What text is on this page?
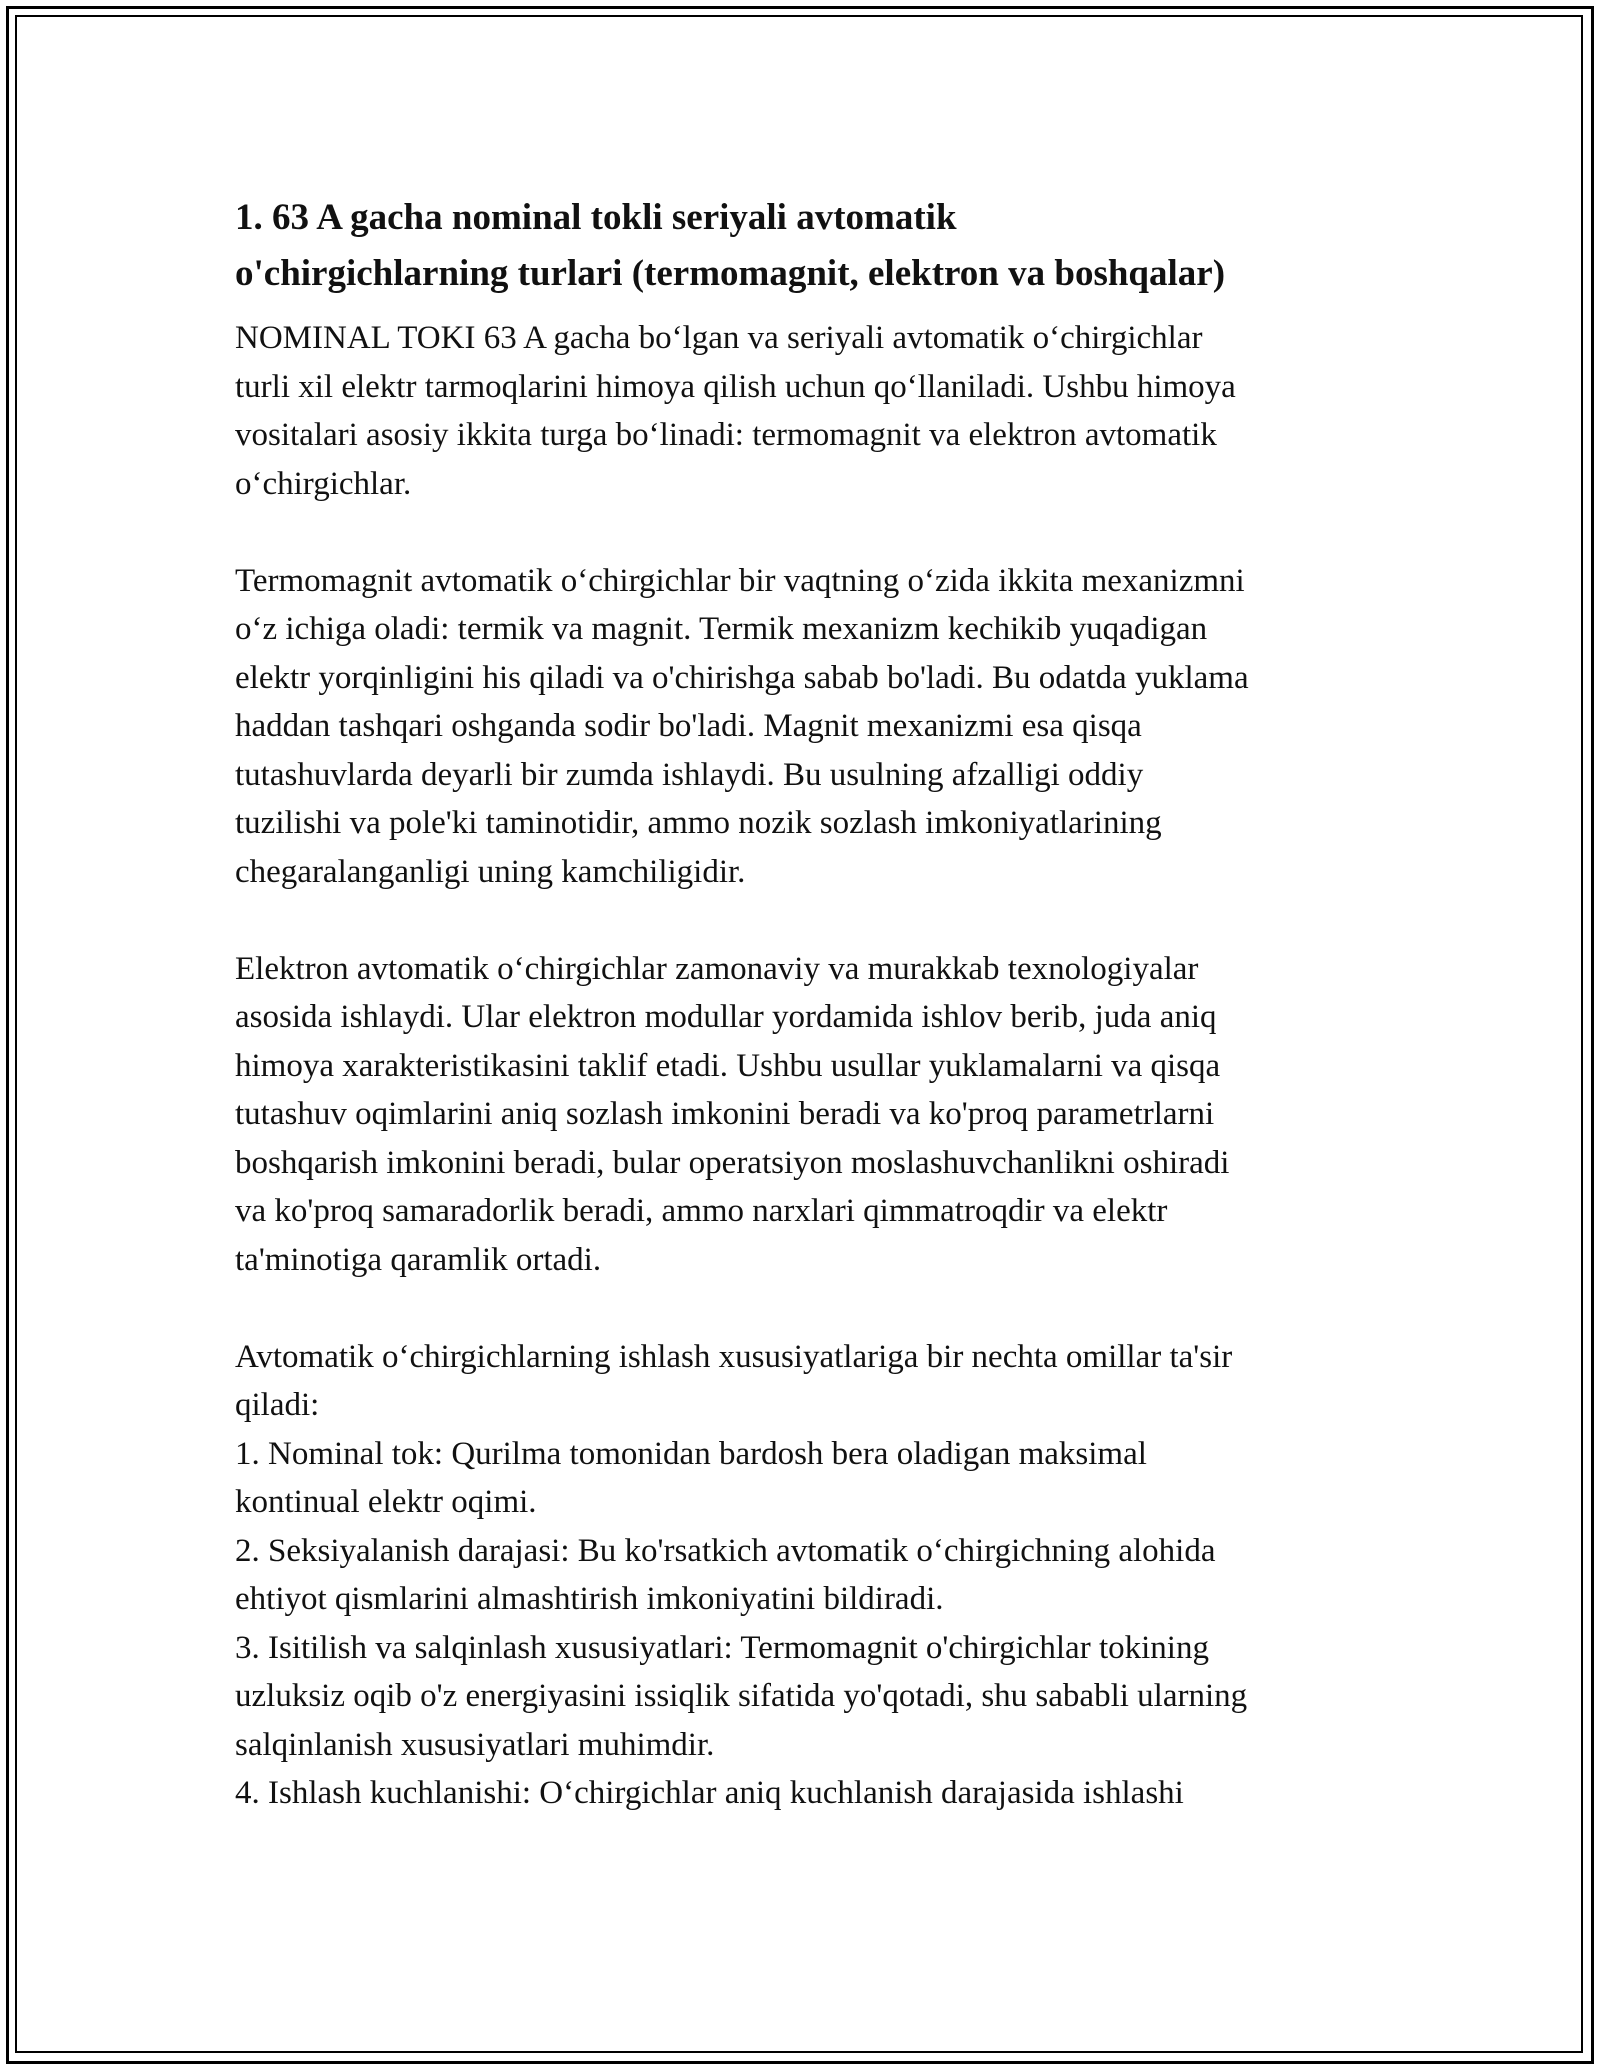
1. 63 A gacha nominal tokli seriyali avtomatik
o'chirgichlarning turlari (termomagnit, elektron va boshqalar)

NOMINAL TOKI 63 A gacha boʻlgan va seriyali avtomatik oʻchirgichlar
turli xil elektr tarmoqlarini himoya qilish uchun qoʻllaniladi. Ushbu himoya
vositalari asosiy ikkita turga boʻlinadi: termomagnit va elektron avtomatik
oʻchirgichlar.

Termomagnit avtomatik oʻchirgichlar bir vaqtning oʻzida ikkita mexanizmni
oʻz ichiga oladi: termik va magnit. Termik mexanizm kechikib yuqadigan
elektr yorqinligini his qiladi va o'chirishga sabab bo'ladi. Bu odatda yuklama
haddan tashqari oshganda sodir bo'ladi. Magnit mexanizmi esa qisqa
tutashuvlarda deyarli bir zumda ishlaydi. Bu usulning afzalligi oddiy
tuzilishi va pole'ki taminotidir, ammo nozik sozlash imkoniyatlarining
chegaralanganligi uning kamchiligidir.

Elektron avtomatik oʻchirgichlar zamonaviy va murakkab texnologiyalar
asosida ishlaydi. Ular elektron modullar yordamida ishlov berib, juda aniq
himoya xarakteristikasini taklif etadi. Ushbu usullar yuklamalarni va qisqa
tutashuv oqimlarini aniq sozlash imkonini beradi va ko'proq parametrlarni
boshqarish imkonini beradi, bular operatsiyon moslashuvchanlikni oshiradi
va ko'proq samaradorlik beradi, ammo narxlari qimmatroqdir va elektr
ta'minotiga qaramlik ortadi.

Avtomatik oʻchirgichlarning ishlash xususiyatlariga bir nechta omillar ta'sir
qiladi:

1. Nominal tok: Qurilma tomonidan bardosh bera oladigan maksimal
kontinual elektr oqimi.
2. Seksiyalanish darajasi: Bu ko'rsatkich avtomatik oʻchirgichning alohida
ehtiyot qismlarini almashtirish imkoniyatini bildiradi.
3. Isitilish va salqinlash xususiyatlari: Termomagnit o'chirgichlar tokining
uzluksiz oqib o'z energiyasini issiqlik sifatida yo'qotadi, shu sababli ularning
salqinlanish xususiyatlari muhimdir.
4. Ishlash kuchlanishi: Oʻchirgichlar aniq kuchlanish darajasida ishlashi
